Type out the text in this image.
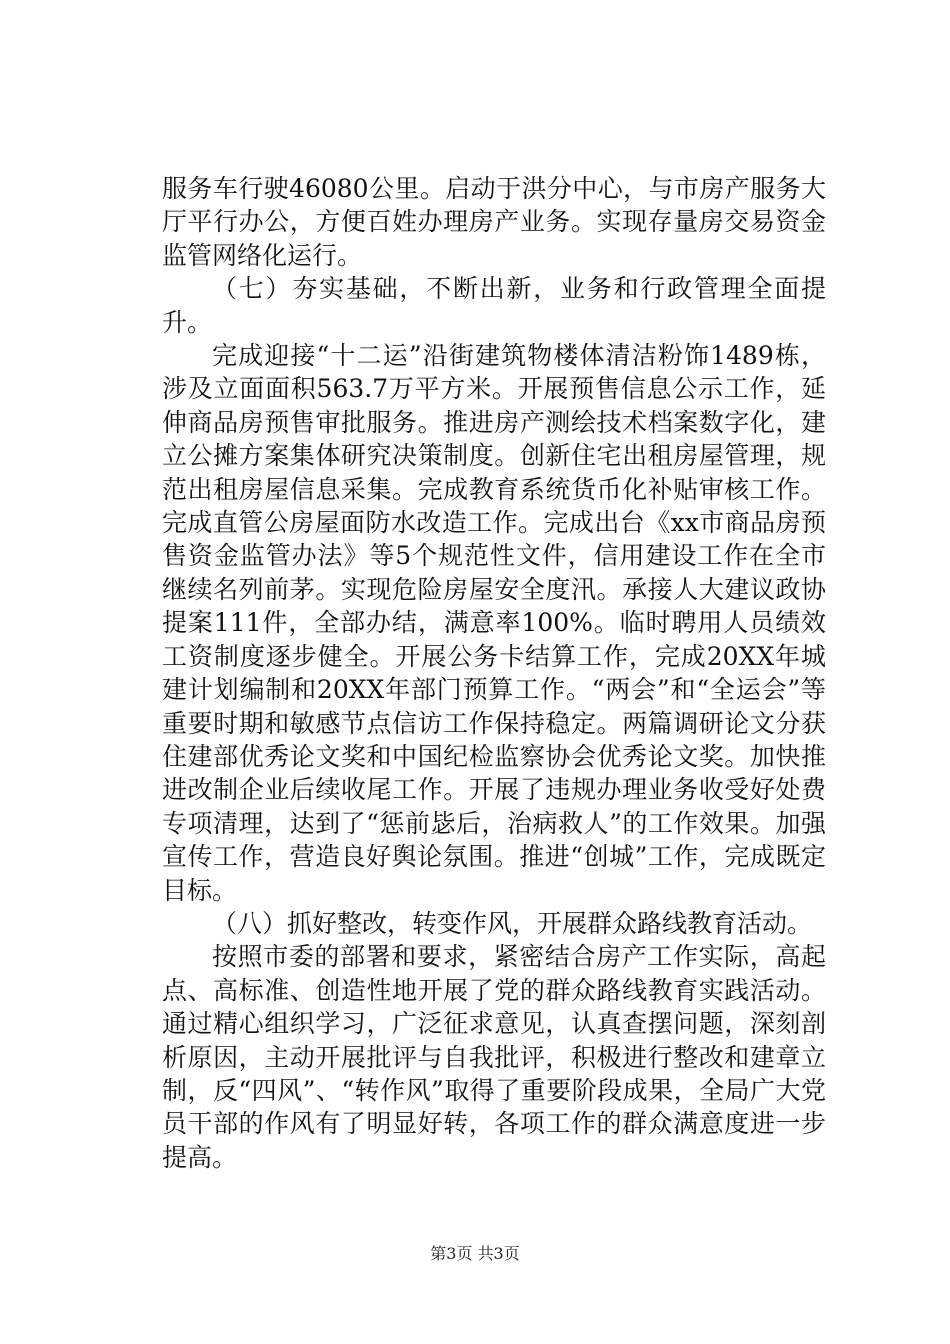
服务车行驶46080公里。启动于洪分中心，与市房产服务大厅平行办公，方便百姓办理房产业务。实现存量房交易资金监管网络化运行。

（七）夯实基础，不断出新，业务和行政管理全面提升。

完成迎接“十二运”沿街建筑物楼体清洁粉饰1489栋，涉及立面面积563.7万平方米。开展预售信息公示工作，延伸商品房预售审批服务。推进房产测绘技术档案数字化，建立公摊方案集体研究决策制度。创新住宅出租房屋管理，规范出租房屋信息采集。完成教育系统货币化补贴审核工作。完成直管公房屋面防水改造工作。完成出台《xx市商品房预售资金监管办法》等5个规范性文件，信用建设工作在全市继续名列前茅。实现危险房屋安全度汛。承接人大建议政协提案111件，全部办结，满意率100%。临时聘用人员绩效工资制度逐步健全。开展公务卡结算工作，完成20XX年城建计划编制和20XX年部门预算工作。“两会”和“全运会”等重要时期和敏感节点信访工作保持稳定。两篇调研论文分获住建部优秀论文奖和中国纪检监察协会优秀论文奖。加快推进改制企业后续收尾工作。开展了违规办理业务收受好处费专项清理，达到了“惩前毖后，治病救人”的工作效果。加强宣传工作，营造良好舆论氛围。推进“创城”工作，完成既定目标。

（八）抓好整改，转变作风，开展群众路线教育活动。

按照市委的部署和要求，紧密结合房产工作实际，高起点、高标准、创造性地开展了党的群众路线教育实践活动。通过精心组织学习，广泛征求意见，认真查摆问题，深刻剖析原因，主动开展批评与自我批评，积极进行整改和建章立制，反“四风”、“转作风”取得了重要阶段成果，全局广大党员干部的作风有了明显好转，各项工作的群众满意度进一步提高。

第3页 共3页
